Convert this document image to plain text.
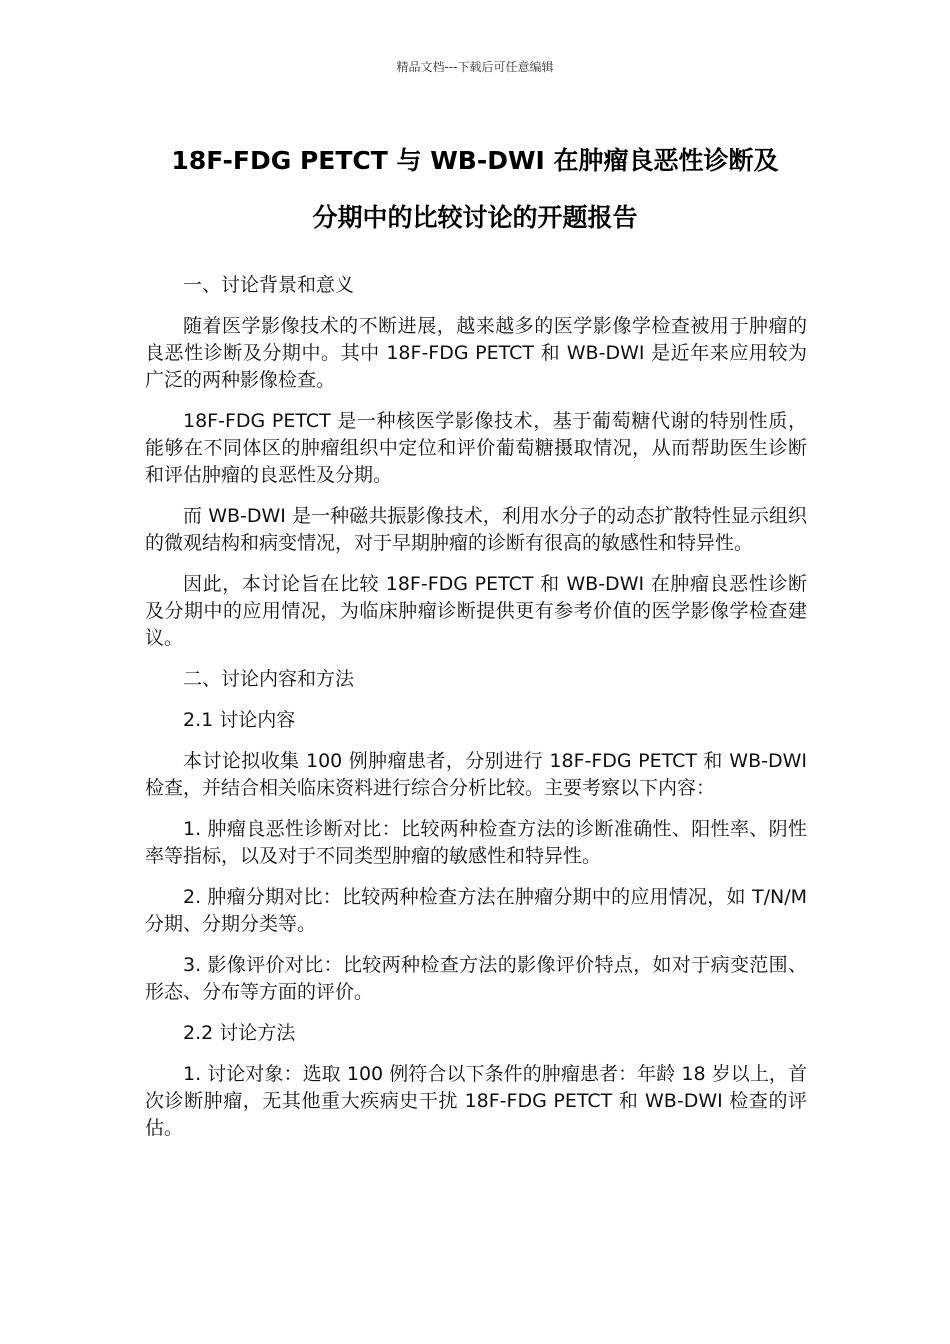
精品文档---下载后可任意编辑
18F-FDG PETCT 与 WB-DWI 在肿瘤良恶性诊断及
分期中的比较讨论的开题报告

一、讨论背景和意义

随着医学影像技术的不断进展，越来越多的医学影像学检查被用于肿瘤的良恶性诊断及分期中。其中 18F-FDG PETCT 和 WB-DWI 是近年来应用较为广泛的两种影像检查。

18F-FDG PETCT 是一种核医学影像技术，基于葡萄糖代谢的特别性质，能够在不同体区的肿瘤组织中定位和评价葡萄糖摄取情况，从而帮助医生诊断和评估肿瘤的良恶性及分期。

而 WB-DWI 是一种磁共振影像技术，利用水分子的动态扩散特性显示组织的微观结构和病变情况，对于早期肿瘤的诊断有很高的敏感性和特异性。

因此，本讨论旨在比较 18F-FDG PETCT 和 WB-DWI 在肿瘤良恶性诊断及分期中的应用情况，为临床肿瘤诊断提供更有参考价值的医学影像学检查建议。

二、讨论内容和方法

2.1 讨论内容

本讨论拟收集 100 例肿瘤患者，分别进行 18F-FDG PETCT 和 WB-DWI 检查，并结合相关临床资料进行综合分析比较。主要考察以下内容：

1. 肿瘤良恶性诊断对比：比较两种检查方法的诊断准确性、阳性率、阴性率等指标，以及对于不同类型肿瘤的敏感性和特异性。

2. 肿瘤分期对比：比较两种检查方法在肿瘤分期中的应用情况，如 T/N/M 分期、分期分类等。

3. 影像评价对比：比较两种检查方法的影像评价特点，如对于病变范围、形态、分布等方面的评价。

2.2 讨论方法

1. 讨论对象：选取 100 例符合以下条件的肿瘤患者：年龄 18 岁以上，首次诊断肿瘤，无其他重大疾病史干扰 18F-FDG PETCT 和 WB-DWI 检查的评估。
